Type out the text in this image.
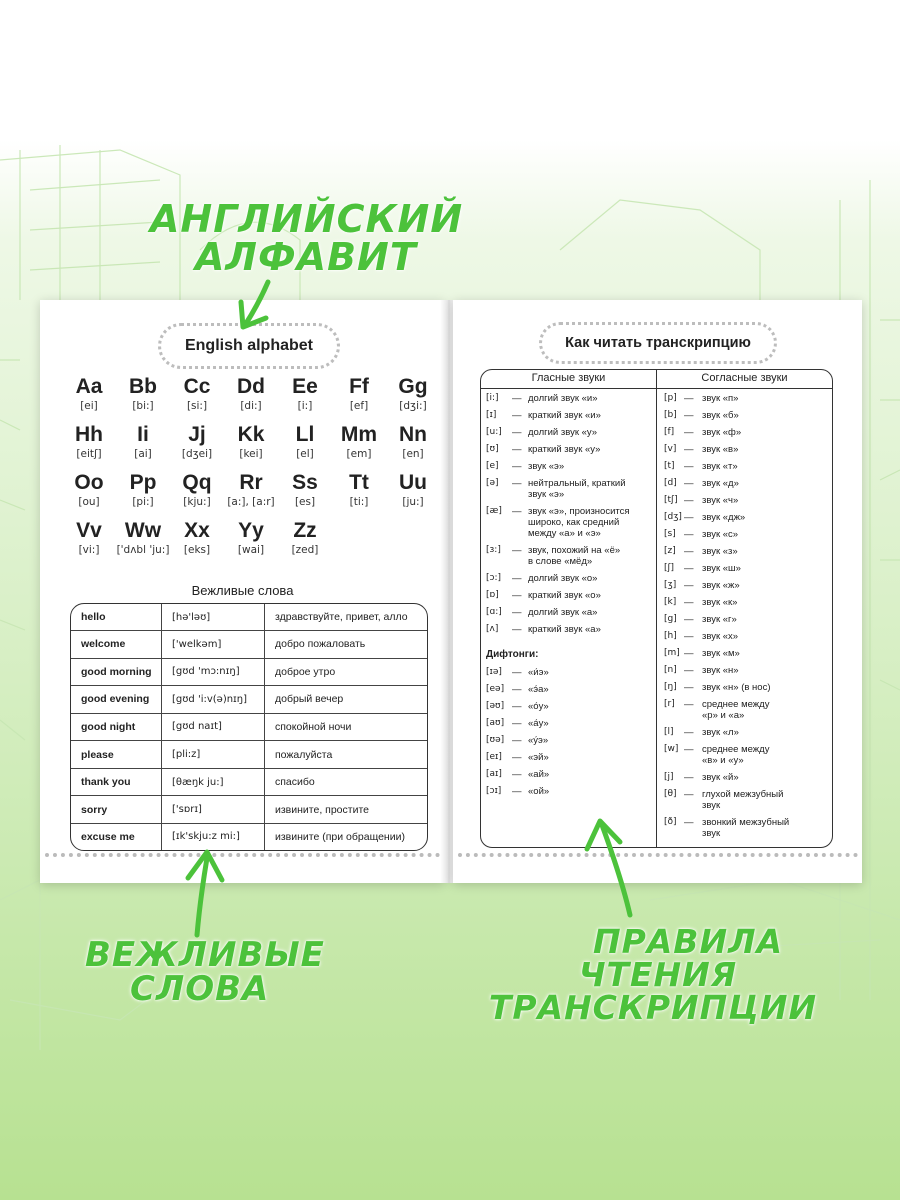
АНГЛИЙСКИЙ
АЛФАВИТ
ВЕЖЛИВЫЕ
СЛОВА
ПРАВИЛА
ЧТЕНИЯ
ТРАНСКРИПЦИИ
English alphabet
Aa
[ei]
Bb
[bi:]
Cc
[si:]
Dd
[di:]
Ee
[i:]
Ff
[ef]
Gg
[dʒi:]
Hh
[eitʃ]
Ii
[ai]
Jj
[dʒei]
Kk
[kei]
Ll
[el]
Mm
[em]
Nn
[en]
Oo
[ou]
Pp
[pi:]
Qq
[kju:]
Rr
[a:], [a:r]
Ss
[es]
Tt
[ti:]
Uu
[ju:]
Vv
[vi:]
Ww
['dʌbl 'ju:]
Xx
[eks]
Yy
[wai]
Zz
[zed]
Вежливые слова
hello	[hə'ləʊ]	здравствуйте, привет, алло
welcome	['welkəm]	добро пожаловать
good morning	[gʊd 'mɔ:nɪŋ]	доброе утро
good evening	[gʊd 'i:v(ə)nɪŋ]	добрый вечер
good night	[gʊd naɪt]	спокойной ночи
please	[pli:z]	пожалуйста
thank you	[θæŋk ju:]	спасибо
sorry	['sɒrɪ]	извините, простите
excuse me	[ɪk'skju:z mi:]	извините (при обращении)
Как читать транскрипцию
Гласные звуки	Согласные звуки
[i:] — долгий звук «и»
[ɪ] — краткий звук «и»
[u:] — долгий звук «у»
[ʊ] — краткий звук «у»
[e] — звук «э»
[ə] — нейтральный, краткий
звук «э»
[æ] — звук «э», произносится
широко, как средний
между «а» и «э»
[ɜ:] — звук, похожий на «ё»
в слове «мёд»
[ɔ:] — долгий звук «о»
[ɒ] — краткий звук «о»
[ɑ:] — долгий звук «а»
[ʌ] — краткий звук «а»
Дифтонги:
[ɪə] — «и́э»
[eə] — «э́а»
[əʊ] — «о́у»
[aʊ] — «а́у»
[ʊə] — «у́э»
[eɪ] — «эй»
[aɪ] — «ай»
[ɔɪ] — «ой»
[p] — звук «п»
[b] — звук «б»
[f] — звук «ф»
[v] — звук «в»
[t] — звук «т»
[d] — звук «д»
[tʃ] — звук «ч»
[dʒ] — звук «дж»
[s] — звук «с»
[z] — звук «з»
[ʃ] — звук «ш»
[ʒ] — звук «ж»
[k] — звук «к»
[g] — звук «г»
[h] — звук «х»
[m] — звук «м»
[n] — звук «н»
[ŋ] — звук «н» (в нос)
[r] — среднее между
«р» и «а»
[l] — звук «л»
[w] — среднее между
«в» и «у»
[j] — звук «й»
[θ] — глухой межзубный
звук
[ð] — звонкий межзубный
звук
